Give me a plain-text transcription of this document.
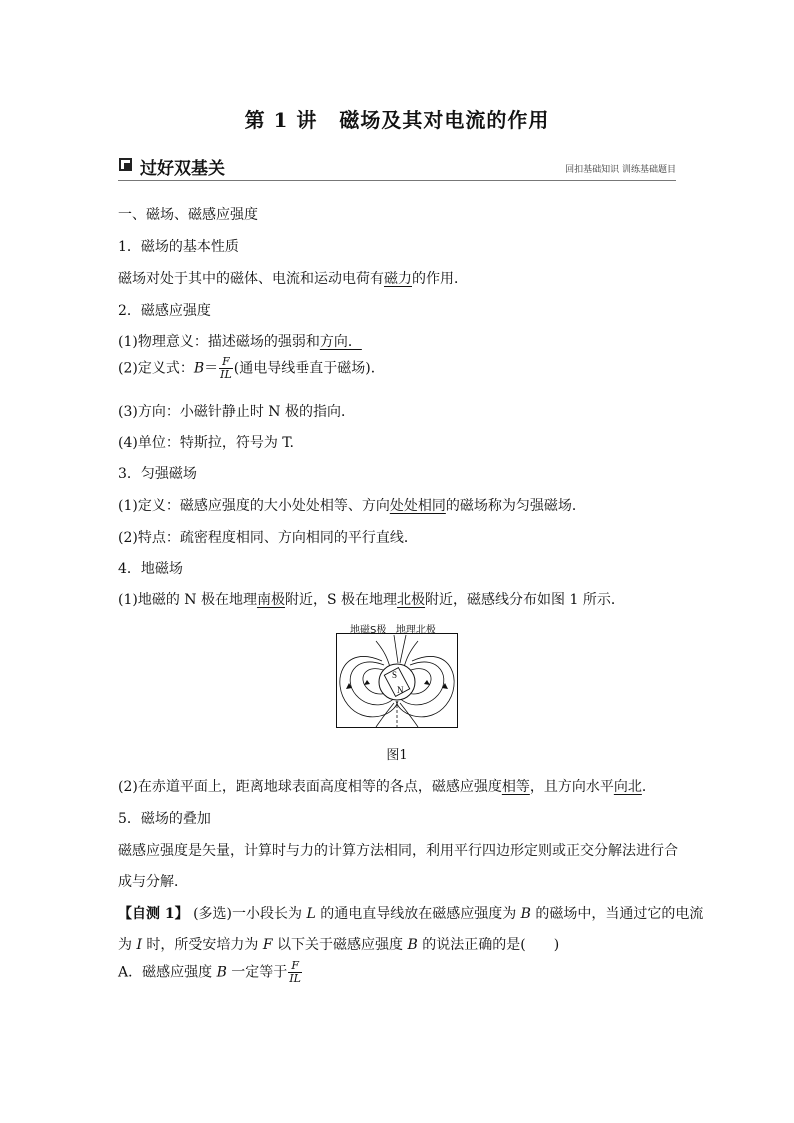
第 1 讲 磁场及其对电流的作用
过好双基关	回扣基础知识 训练基础题目
一、磁场、磁感应强度
1．磁场的基本性质
磁场对处于其中的磁体、电流和运动电荷有磁力的作用．
2．磁感应强度
(1)物理意义：描述磁场的强弱和方向．
(2)定义式：$B= \frac{F}{IL}$ (通电导线垂直于磁场)．
(3)方向：小磁针静止时 N 极的指向．
(4)单位：特斯拉，符号为 T.
3．匀强磁场
(1)定义：磁感应强度的大小处处相等、方向处处相同的磁场称为匀强磁场．
(2)特点：疏密程度相同、方向相同的平行直线．
4．地磁场
(1)地磁的 N 极在地理南极附近，S 极在地理北极附近，磁感线分布如图 1 所示．
地磁S极 地理北极
S
N
图1
(2)在赤道平面上，距离地球表面高度相等的各点，磁感应强度相等，且方向水平向北．
5．磁场的叠加
磁感应强度是矢量，计算时与力的计算方法相同，利用平行四边形定则或正交分解法进行合
成与分解．
【自测 1】 (多选)一小段长为 L 的通电直导线放在磁感应强度为 B 的磁场中，当通过它的电流
为 I 时，所受安培力为 F 以下关于磁感应强度 B 的说法正确的是(　　)
A．磁感应强度 B 一定等于 $\frac{F}{IL}$
